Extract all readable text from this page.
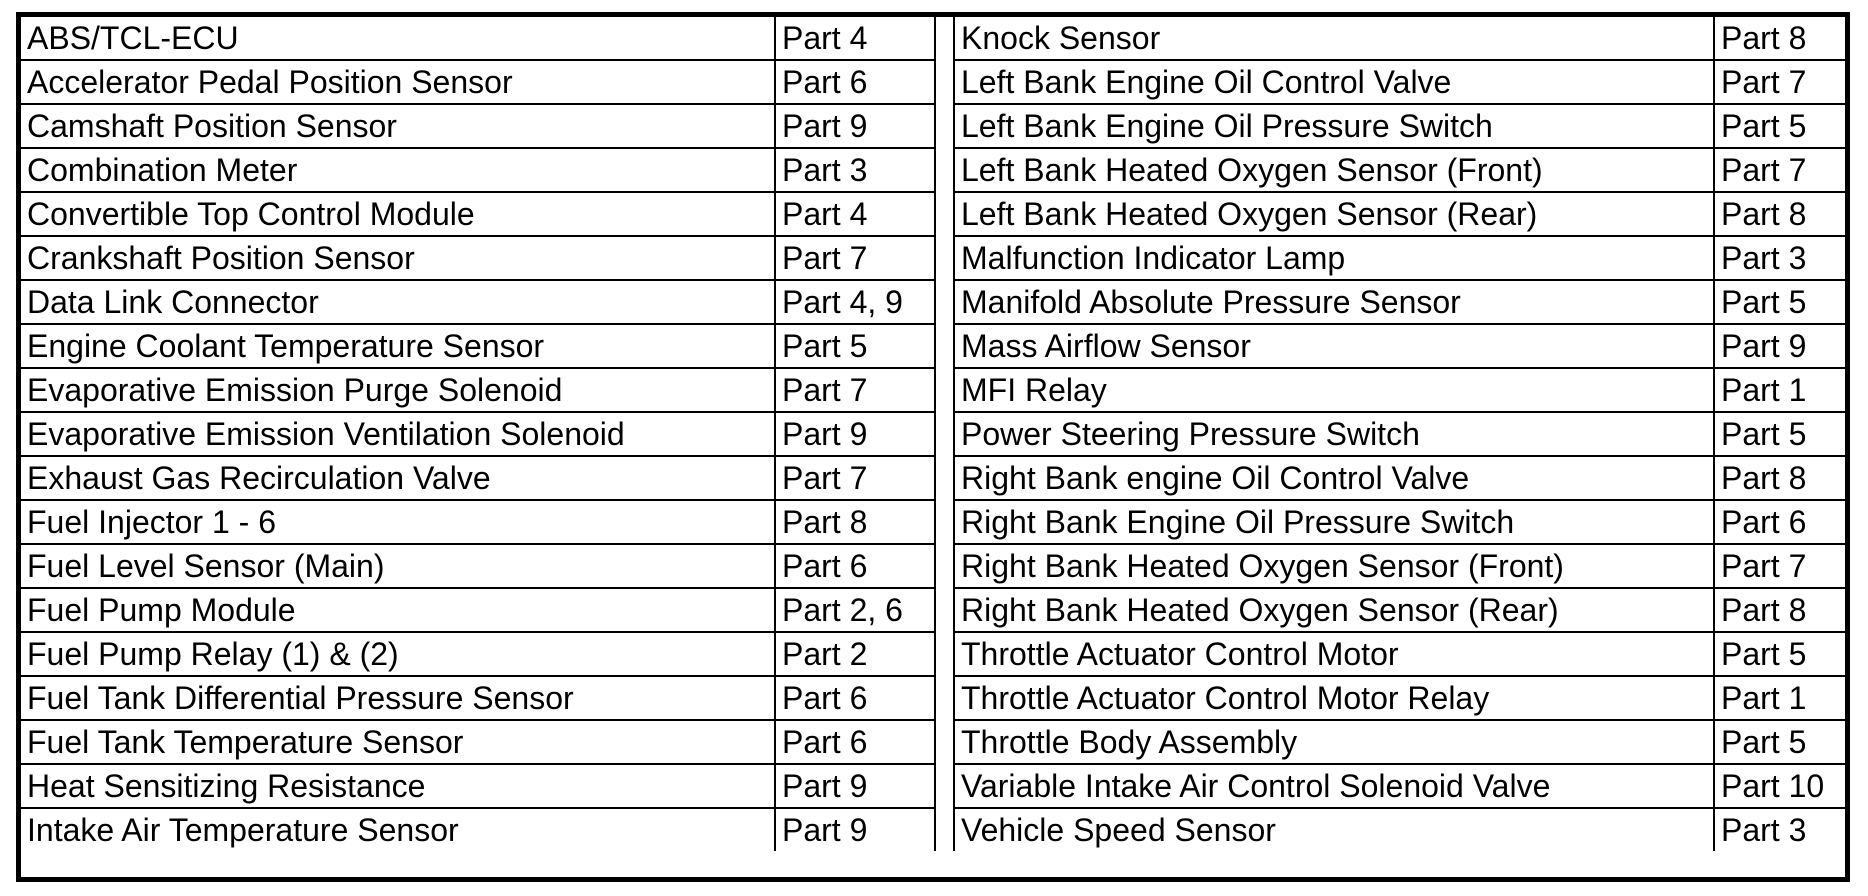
ABS/TCL-ECU	Part 4
Accelerator Pedal Position Sensor	Part 6
Camshaft Position Sensor	Part 9
Combination Meter	Part 3
Convertible Top Control Module	Part 4
Crankshaft Position Sensor	Part 7
Data Link Connector	Part 4, 9
Engine Coolant Temperature Sensor	Part 5
Evaporative Emission Purge Solenoid	Part 7
Evaporative Emission Ventilation Solenoid	Part 9
Exhaust Gas Recirculation Valve	Part 7
Fuel Injector 1 - 6	Part 8
Fuel Level Sensor (Main)	Part 6
Fuel Pump Module	Part 2, 6
Fuel Pump Relay (1) & (2)	Part 2
Fuel Tank Differential Pressure Sensor	Part 6
Fuel Tank Temperature Sensor	Part 6
Heat Sensitizing Resistance	Part 9
Intake Air Temperature Sensor	Part 9
Knock Sensor	Part 8
Left Bank Engine Oil Control Valve	Part 7
Left Bank Engine Oil Pressure Switch	Part 5
Left Bank Heated Oxygen Sensor (Front)	Part 7
Left Bank Heated Oxygen Sensor (Rear)	Part 8
Malfunction Indicator Lamp	Part 3
Manifold Absolute Pressure Sensor	Part 5
Mass Airflow Sensor	Part 9
MFI Relay	Part 1
Power Steering Pressure Switch	Part 5
Right Bank engine Oil Control Valve	Part 8
Right Bank Engine Oil Pressure Switch	Part 6
Right Bank Heated Oxygen Sensor (Front)	Part 7
Right Bank Heated Oxygen Sensor (Rear)	Part 8
Throttle Actuator Control Motor	Part 5
Throttle Actuator Control Motor Relay	Part 1
Throttle Body Assembly	Part 5
Variable Intake Air Control Solenoid Valve	Part 10
Vehicle Speed Sensor	Part 3
